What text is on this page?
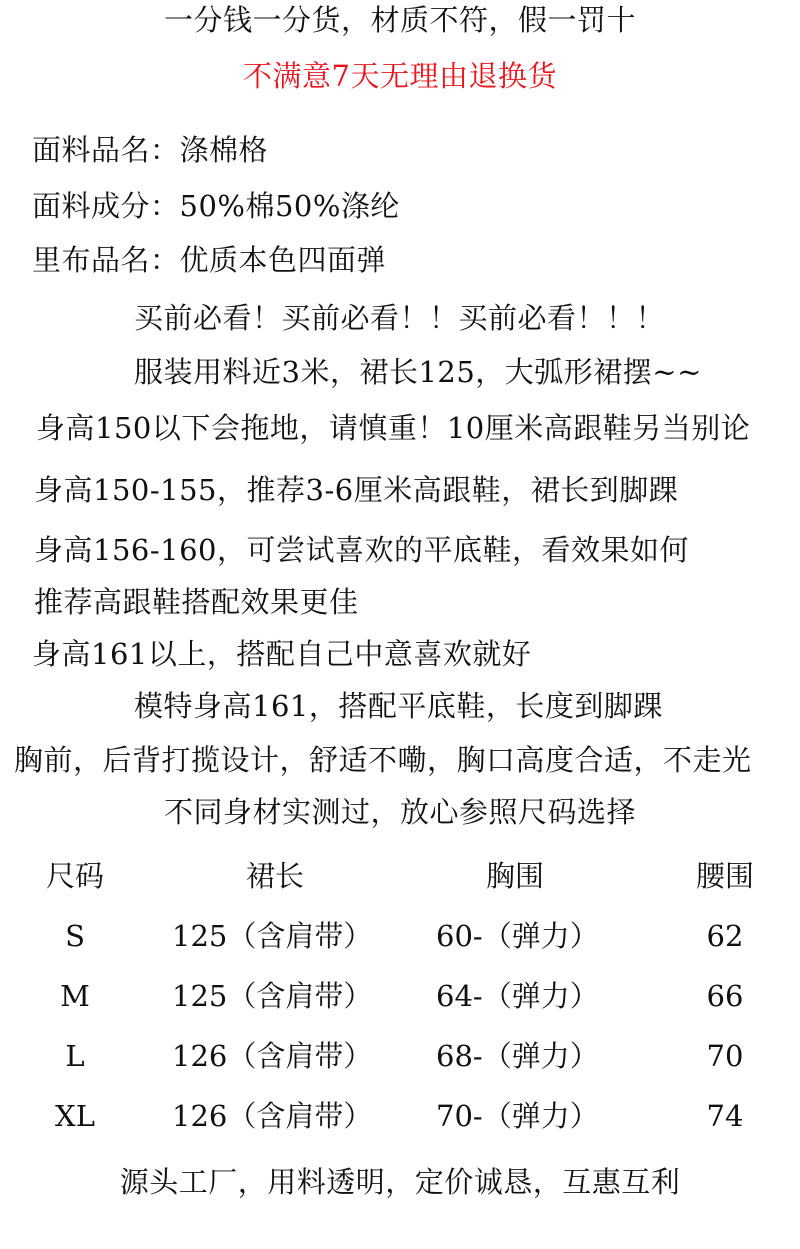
一分钱一分货，材质不符，假一罚十
不满意7天无理由退换货
面料品名：涤棉格
面料成分：50%棉50%涤纶
里布品名：优质本色四面弹
买前必看！买前必看！！买前必看！！！
服装用料近3米，裙长125，大弧形裙摆~~
身高150以下会拖地，请慎重！10厘米高跟鞋另当别论
身高150-155，推荐3-6厘米高跟鞋，裙长到脚踝
身高156-160，可尝试喜欢的平底鞋，看效果如何
推荐高跟鞋搭配效果更佳
身高161以上，搭配自己中意喜欢就好
模特身高161，搭配平底鞋，长度到脚踝
胸前，后背打揽设计，舒适不嘞，胸口高度合适，不走光
不同身材实测过，放心参照尺码选择
尺码	裙长	胸围	腰围
S	125（含肩带） 60-（弹力）	62
M	125（含肩带） 64-（弹力）	66
L	126（含肩带） 68-（弹力）	70
XL	126（含肩带） 70-（弹力）	74
源头工厂，用料透明，定价诚恳，互惠互利
